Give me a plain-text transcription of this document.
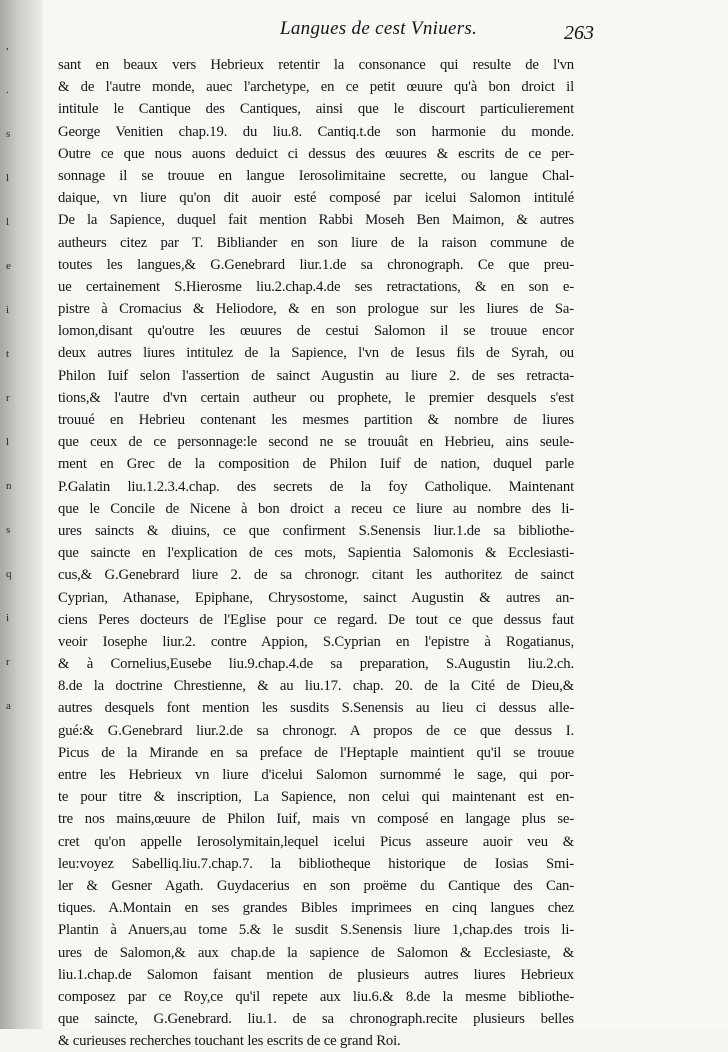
,
.
s
l
l
e
i
t
r
l
n
s
q
i
r
a
Langues de cest Vniuers.	263
sant en beaux vers Hebrieux retentir la consonance qui resulte de l'vn
& de l'autre monde, auec l'archetype, en ce petit œuure qu'à bon droict il
intitule le Cantique des Cantiques, ainsi que le discourt particulierement
George Venitien chap.19. du liu.8. Cantiq.t.de son harmonie du monde.
Outre ce que nous auons deduict ci dessus des œuures & escrits de ce per-
sonnage il se trouue en langue Ierosolimitaine secrette, ou langue Chal-
daique, vn liure qu'on dit auoir esté composé par icelui Salomon intitulé
De la Sapience, duquel fait mention Rabbi Moseh Ben Maimon, & autres
autheurs citez par T. Bibliander en son liure de la raison commune de
toutes les langues,& G.Genebrard liur.1.de sa chronograph. Ce que preu-
ue certainement S.Hierosme liu.2.chap.4.de ses retractations, & en son e-
pistre à Cromacius & Heliodore, & en son prologue sur les liures de Sa-
lomon,disant qu'outre les œuures de cestui Salomon il se trouue encor
deux autres liures intitulez de la Sapience, l'vn de Iesus fils de Syrah, ou
Philon Iuif selon l'assertion de sainct Augustin au liure 2. de ses retracta-
tions,& l'autre d'vn certain autheur ou prophete, le premier desquels s'est
trouué en Hebrieu contenant les mesmes partition & nombre de liures
que ceux de ce personnage:le second ne se trouuât en Hebrieu, ains seule-
ment en Grec de la composition de Philon Iuif de nation, duquel parle
P.Galatin liu.1.2.3.4.chap. des secrets de la foy Catholique. Maintenant
que le Concile de Nicene à bon droict a receu ce liure au nombre des li-
ures saincts & diuins, ce que confirment S.Senensis liur.1.de sa bibliothe-
que saincte en l'explication de ces mots, Sapientia Salomonis & Ecclesiasti-
cus,& G.Genebrard liure 2. de sa chronogr. citant les authoritez de sainct
Cyprian, Athanase, Epiphane, Chrysostome, sainct Augustin & autres an-
ciens Peres docteurs de l'Eglise pour ce regard. De tout ce que dessus faut
veoir Iosephe liur.2. contre Appion, S.Cyprian en l'epistre à Rogatianus,
& à Cornelius,Eusebe liu.9.chap.4.de sa preparation, S.Augustin liu.2.ch.
8.de la doctrine Chrestienne, & au liu.17. chap. 20. de la Cité de Dieu,&
autres desquels font mention les susdits S.Senensis au lieu ci dessus alle-
gué:& G.Genebrard liur.2.de sa chronogr. A propos de ce que dessus I.
Picus de la Mirande en sa preface de l'Heptaple maintient qu'il se trouue
entre les Hebrieux vn liure d'icelui Salomon surnommé le sage, qui por-
te pour titre & inscription, La Sapience, non celui qui maintenant est en-
tre nos mains,œuure de Philon Iuif, mais vn composé en langage plus se-
cret qu'on appelle Ierosolymitain,lequel icelui Picus asseure auoir veu &
leu:voyez Sabelliq.liu.7.chap.7. la bibliotheque historique de Iosias Smi-
ler & Gesner Agath. Guydacerius en son proëme du Cantique des Can-
tiques. A.Montain en ses grandes Bibles imprimees en cinq langues chez
Plantin à Anuers,au tome 5.& le susdit S.Senensis liure 1,chap.des trois li-
ures de Salomon,& aux chap.de la sapience de Salomon & Ecclesiaste, &
liu.1.chap.de Salomon faisant mention de plusieurs autres liures Hebrieux
composez par ce Roy,ce qu'il repete aux liu.6.& 8.de la mesme bibliothe-
que saincte, G.Genebrard. liu.1. de sa chronograph.recite plusieurs belles
& curieuses recherches touchant les escrits de ce grand Roi.
